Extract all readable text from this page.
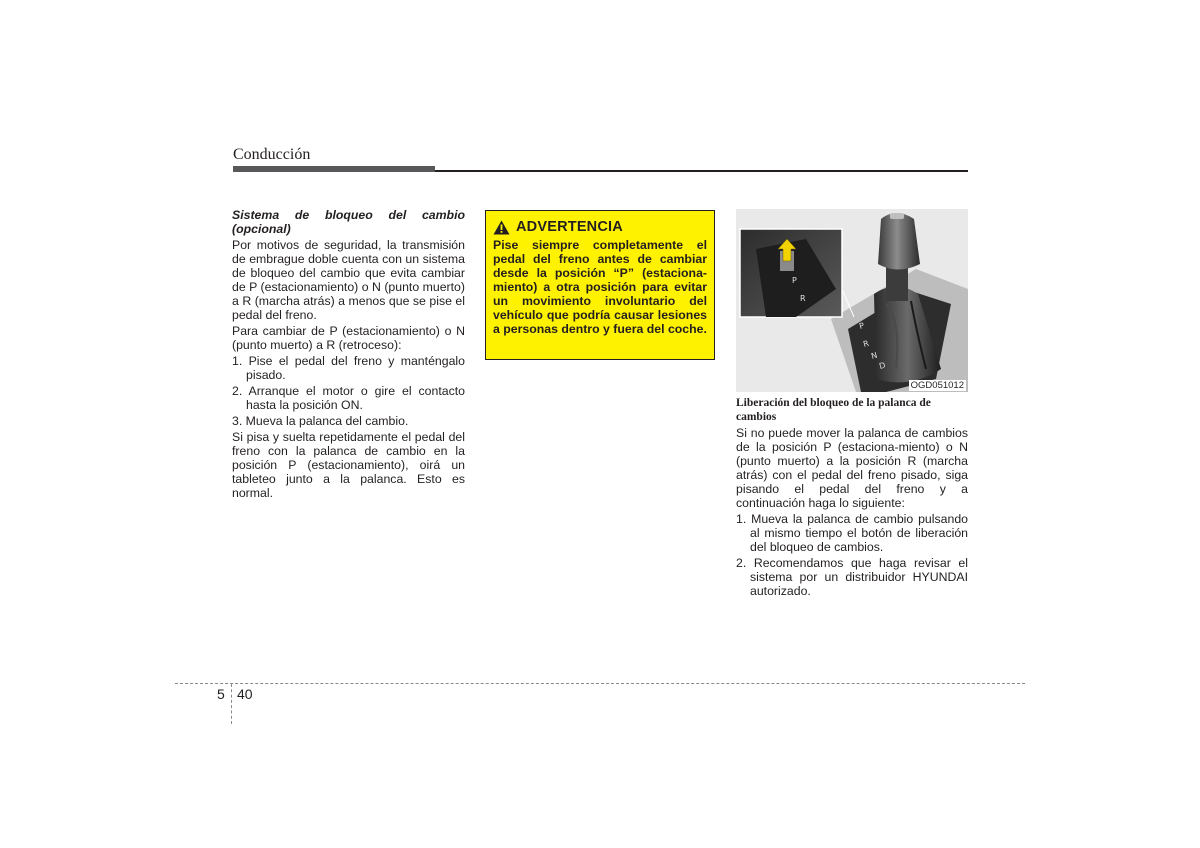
Conducción

Sistema de bloqueo del cambio (opcional)

Por motivos de seguridad, la transmisión de embrague doble cuenta con un sistema de bloqueo del cambio que evita cambiar de P (estacionamiento) o N (punto muerto) a R (marcha atrás) a menos que se pise el pedal del freno.

Para cambiar de P (estacionamiento) o N (punto muerto) a R (retroceso):

1. Pise el pedal del freno y manténgalo pisado.
2. Arranque el motor o gire el contacto hasta la posición ON.
3. Mueva la palanca del cambio.

Si pisa y suelta repetidamente el pedal del freno con la palanca de cambio en la posición P (estacionamiento), oirá un tableteo junto a la palanca. Esto es normal.

ADVERTENCIA

Pise siempre completamente el pedal del freno antes de cambiar desde la posición “P” (estaciona-miento) a otra posición para evitar un movimiento involuntario del vehículo que podría causar lesiones a personas dentro y fuera del coche.	P
R
N
D
P
R
OGD051012

Liberación del bloqueo de la palanca de cambios

Si no puede mover la palanca de cambios de la posición P (estaciona-miento) o N (punto muerto) a la posición R (marcha atrás) con el pedal del freno pisado, siga pisando el pedal del freno y a continuación haga lo siguiente:

1. Mueva la palanca de cambio pulsando al mismo tiempo el botón de liberación del bloqueo de cambios.
2. Recomendamos que haga revisar el sistema por un distribuidor HYUNDAI autorizado.
5 40
